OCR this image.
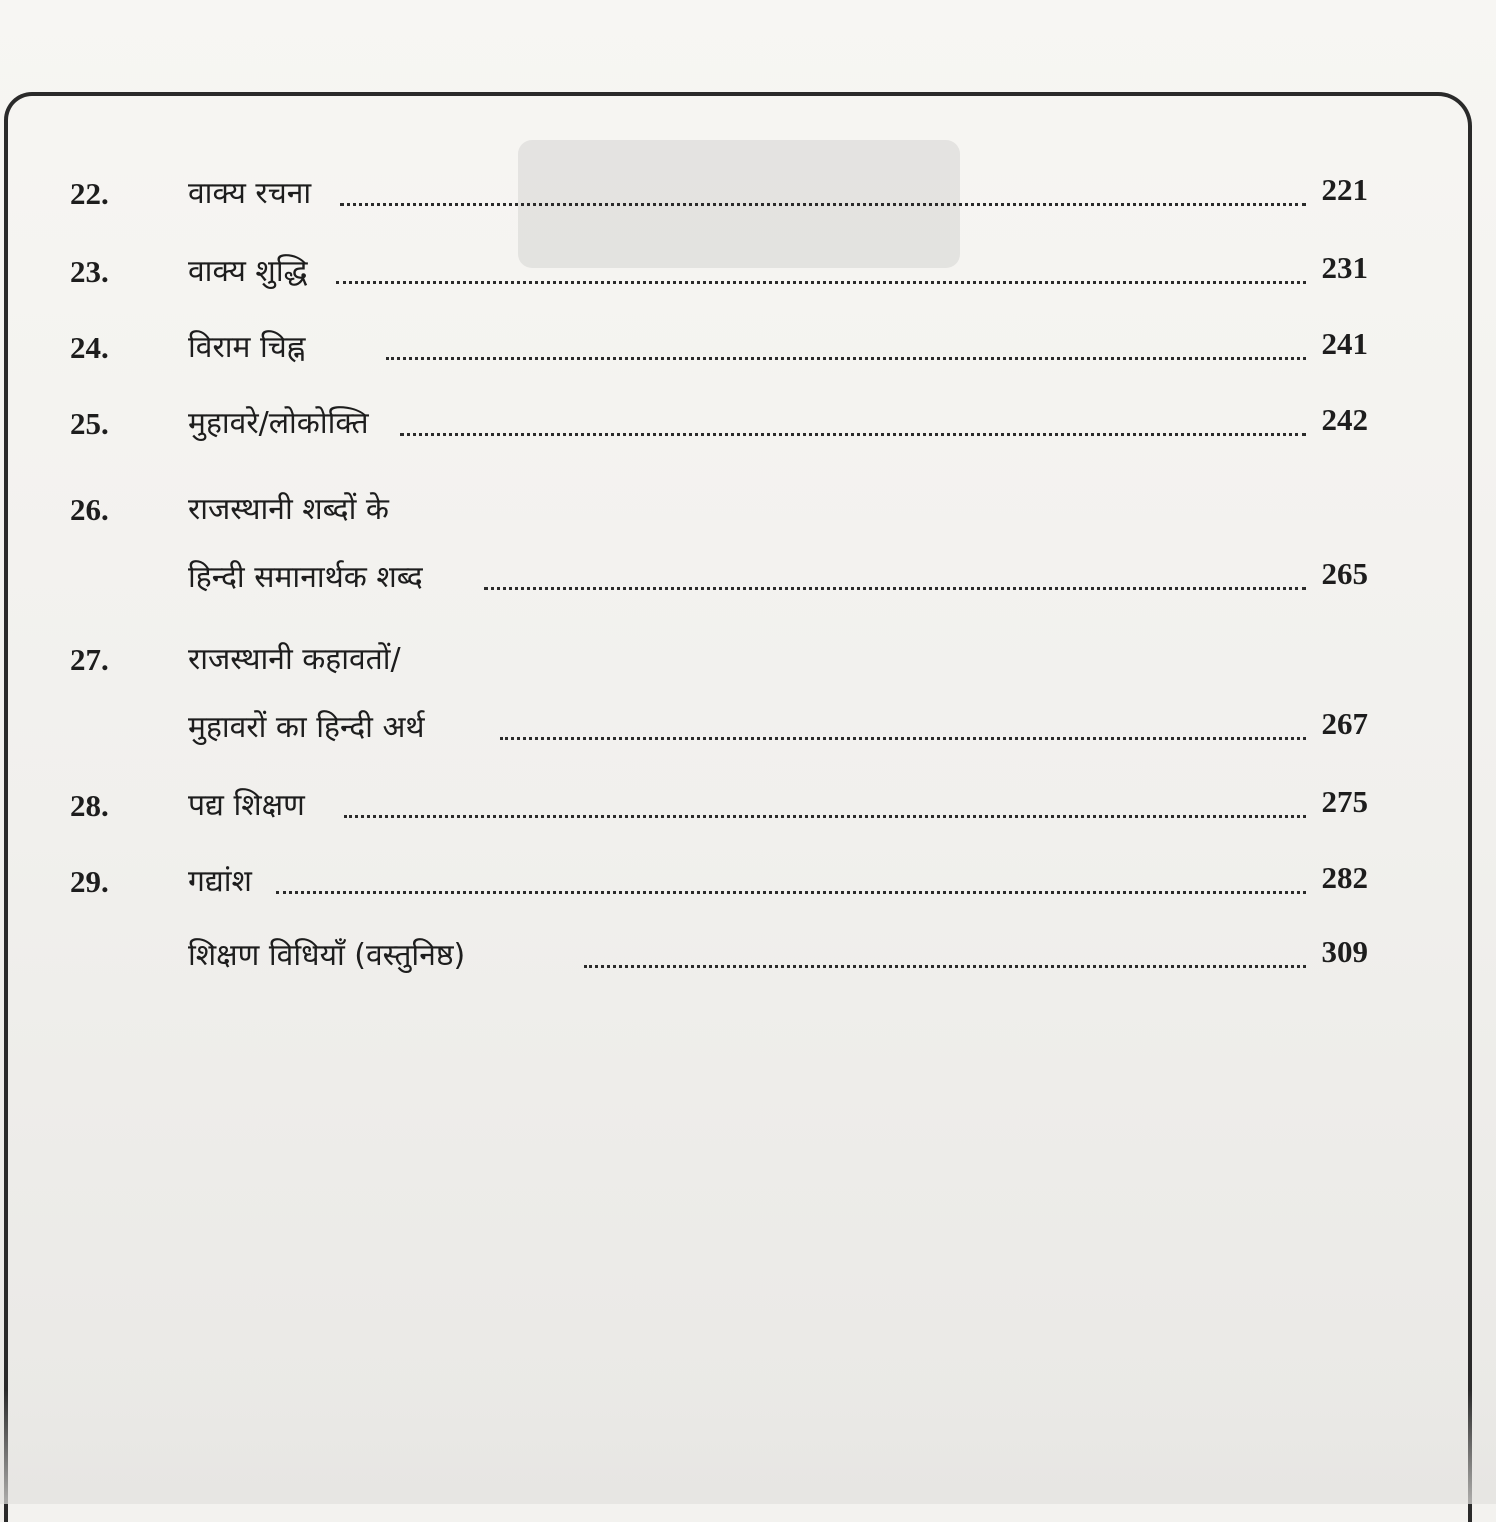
22.	वाक्य रचना	221
23.	वाक्य शुद्धि	231
24.	विराम चिह्न	241
25.	मुहावरे/लोकोक्ति	242
26.	राजस्थानी शब्दों के
हिन्दी समानार्थक शब्द	265
27.	राजस्थानी कहावतों/
मुहावरों का हिन्दी अर्थ	267
28.	पद्य शिक्षण	275
29.	गद्यांश	282
शिक्षण विधियाँ (वस्तुनिष्ठ)	309
